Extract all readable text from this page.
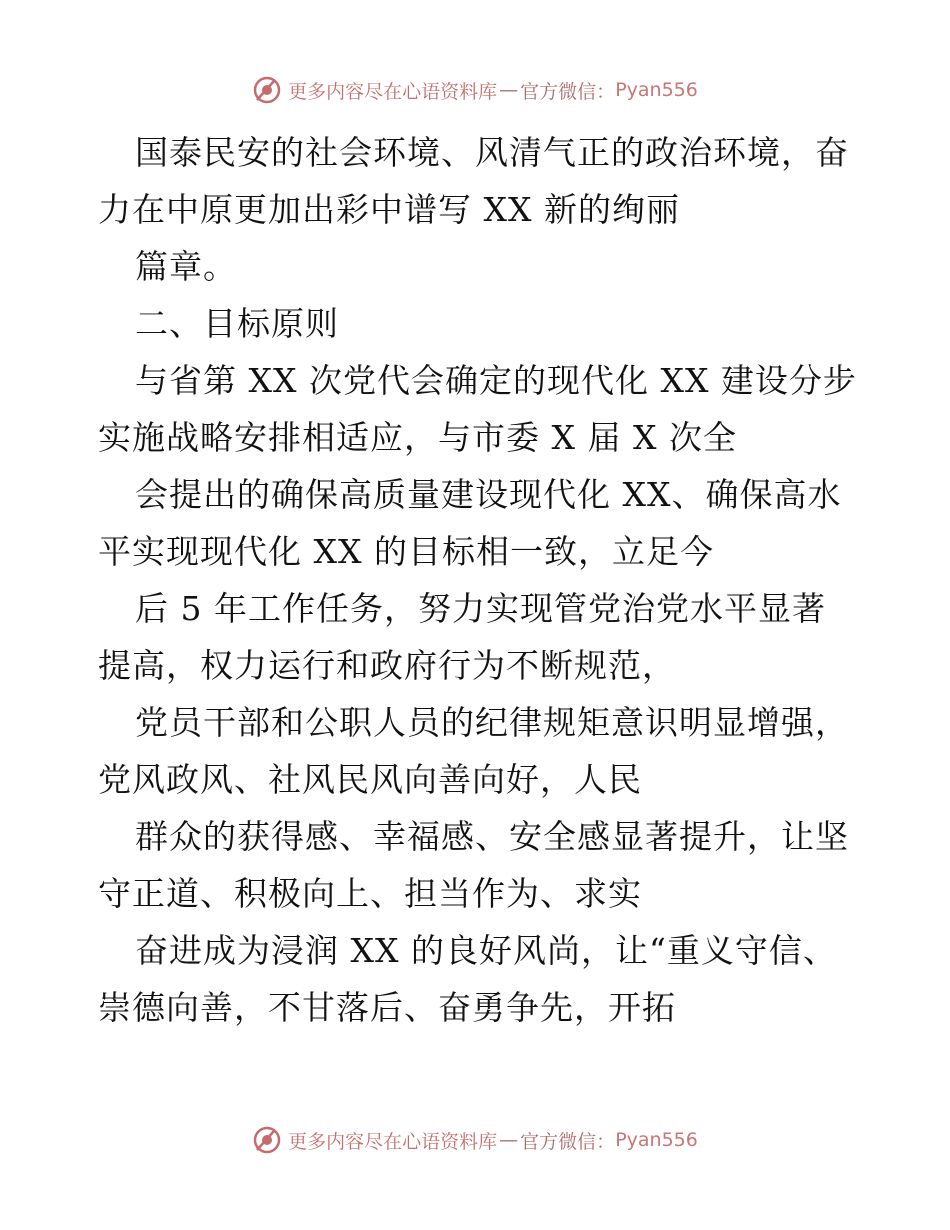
更多内容尽在心语资料库 — 官方微信： Pyan556
国泰民安的社会环境、风清气正的政治环境，奋
力在中原更加出彩中谱写 XX 新的绚丽
篇章。
二、目标原则
与省第 XX 次党代会确定的现代化 XX 建设分步
实施战略安排相适应，与市委 X 届 X 次全
会提出的确保高质量建设现代化 XX、确保高水
平实现现代化 XX 的目标相一致，立足今
后 5 年工作任务，努力实现管党治党水平显著
提高，权力运行和政府行为不断规范，
党员干部和公职人员的纪律规矩意识明显增强，
党风政风、社风民风向善向好，人民
群众的获得感、幸福感、安全感显著提升，让坚
守正道、积极向上、担当作为、求实
奋进成为浸润 XX 的良好风尚，让“重义守信、
崇德向善，不甘落后、奋勇争先，开拓
更多内容尽在心语资料库 — 官方微信： Pyan556
